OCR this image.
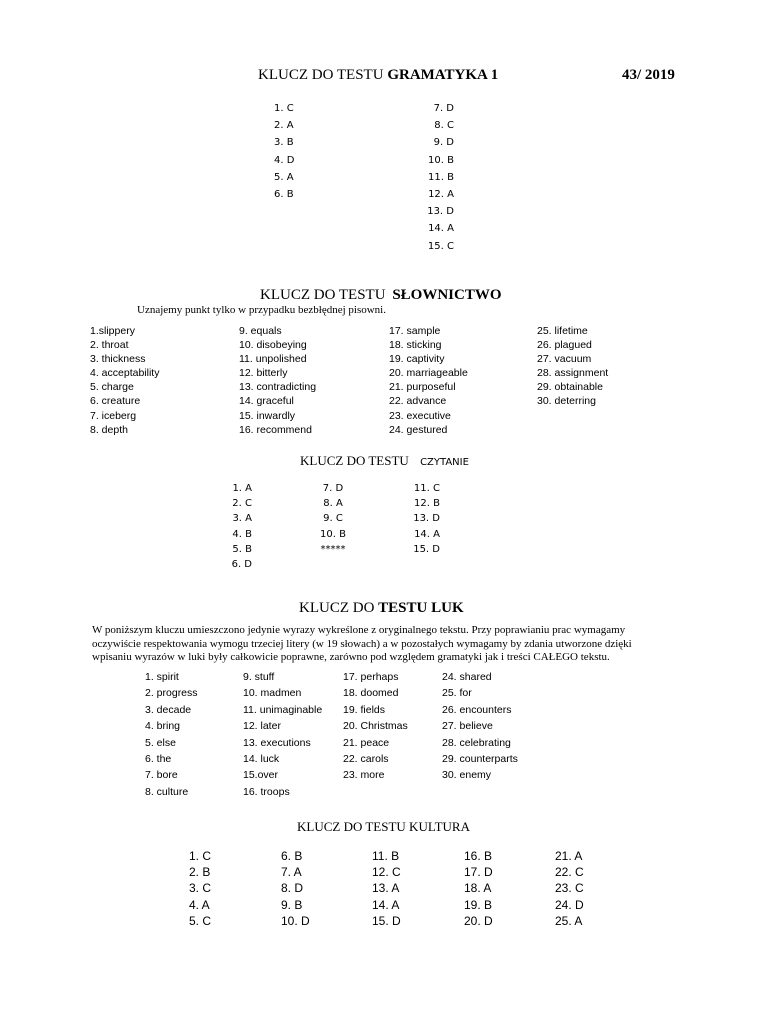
KLUCZ DO TESTU GRAMATYKA 1	43/ 2019
1. C
2. A
3. B
4. D
5. A
6. B
7. D
8. C
9. D
10. B
11. B
12. A
13. D
14. A
15. C
KLUCZ DO TESTU SŁOWNICTWO
Uznajemy punkt tylko w przypadku bezbłędnej pisowni.
1.slippery
2. throat
3. thickness
4. acceptability
5. charge
6. creature
7. iceberg
8. depth
9. equals
10. disobeying
11. unpolished
12. bitterly
13. contradicting
14. graceful
15. inwardly
16. recommend
17. sample
18. sticking
19. captivity
20. marriageable
21. purposeful
22. advance
23. executive
24. gestured
25. lifetime
26. plagued
27. vacuum
28. assignment
29. obtainable
30. deterring
KLUCZ DO TESTU CZYTANIE
1. A
2. C
3. A
4. B
5. B
6. D
7. D
8. A
9. C
10. B
*****
11. C
12. B
13. D
14. A
15. D
KLUCZ DO TESTU LUK
W poniższym kluczu umieszczono jedynie wyrazy wykreślone z oryginalnego tekstu. Przy poprawianiu prac wymagamy
oczywiście respektowania wymogu trzeciej litery (w 19 słowach) a w pozostałych wymagamy by zdania utworzone dzięki
wpisaniu wyrazów w luki były całkowicie poprawne, zarówno pod względem gramatyki jak i treści CAŁEGO tekstu.
1. spirit
2. progress
3. decade
4. bring
5. else
6. the
7. bore
8. culture
9. stuff
10. madmen
11. unimaginable
12. later
13. executions
14. luck
15.over
16. troops
17. perhaps
18. doomed
19. fields
20. Christmas
21. peace
22. carols
23. more
24. shared
25. for
26. encounters
27. believe
28. celebrating
29. counterparts
30. enemy
KLUCZ DO TESTU KULTURA
1. C
2. B
3. C
4. A
5. C
6. B
7. A
8. D
9. B
10. D
11. B
12. C
13. A
14. A
15. D
16. B
17. D
18. A
19. B
20. D
21. A
22. C
23. C
24. D
25. A
